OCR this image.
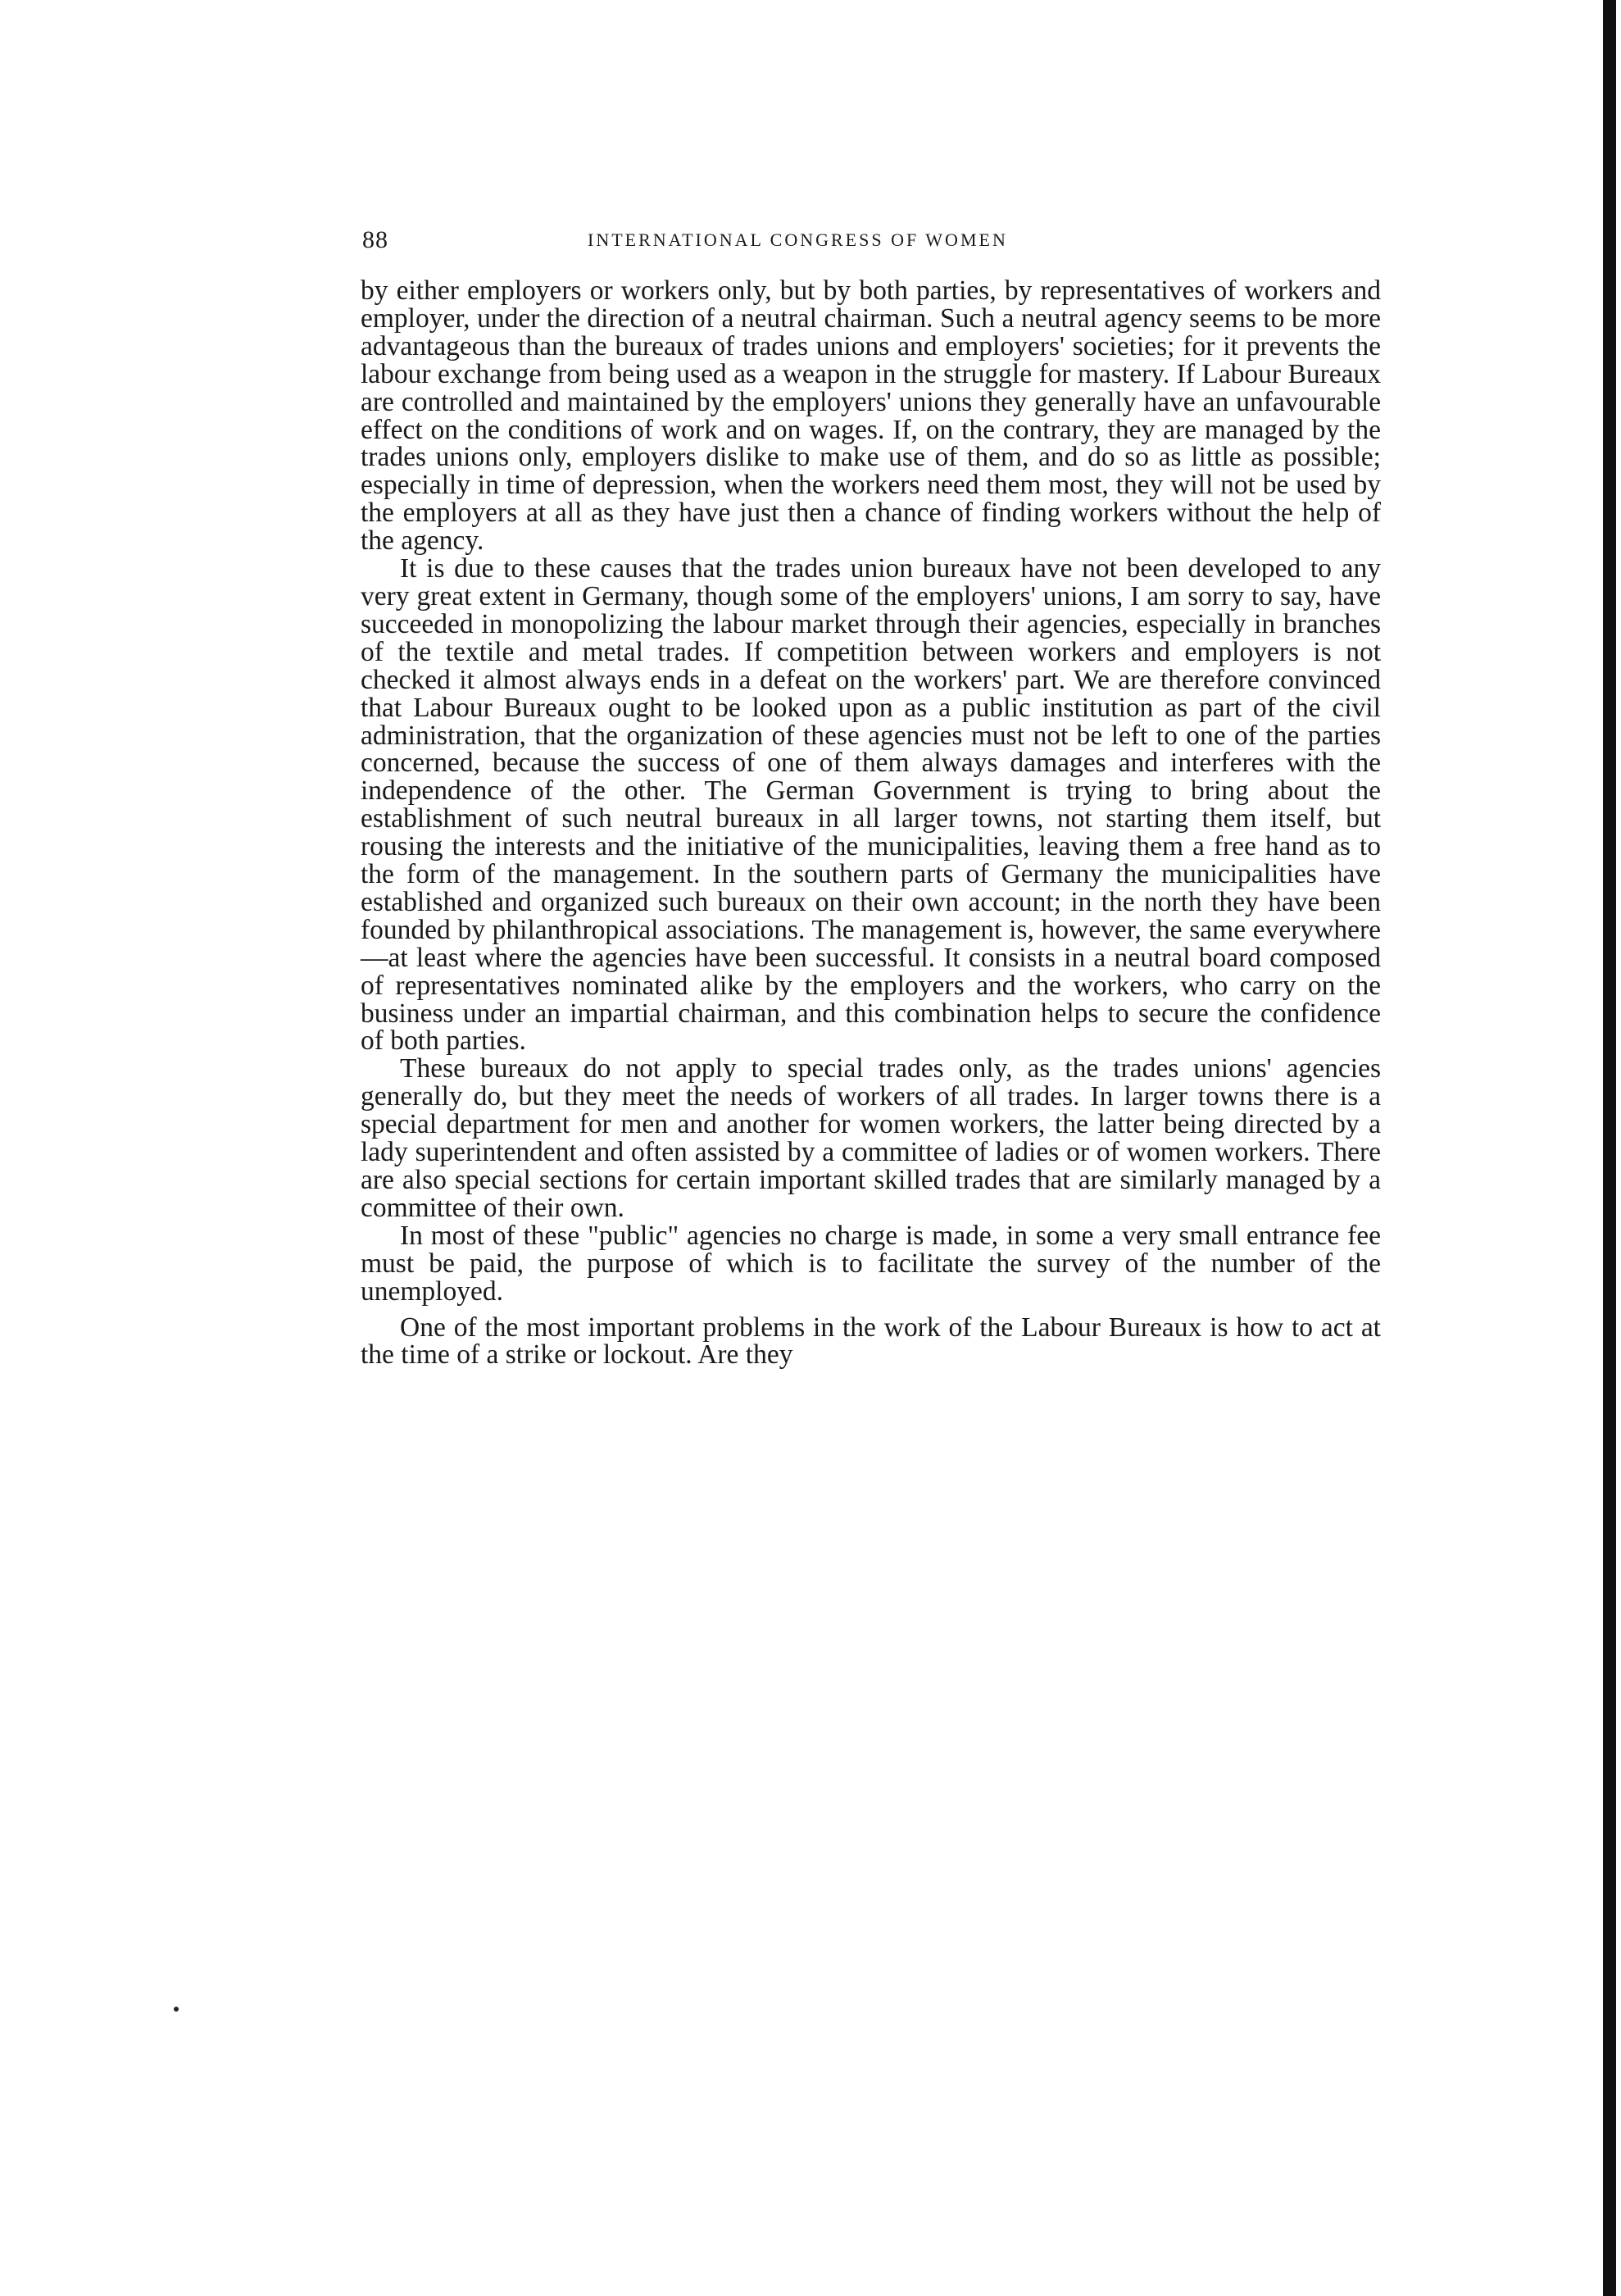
88	INTERNATIONAL CONGRESS OF WOMEN

by either employers or workers only, but by both parties, by representatives of workers and employer, under the direction of a neutral chairman. Such a neutral agency seems to be more advantageous than the bureaux of trades unions and employers' societies; for it prevents the labour exchange from being used as a weapon in the struggle for mastery. If Labour Bureaux are controlled and maintained by the employers' unions they generally have an unfavourable effect on the conditions of work and on wages. If, on the contrary, they are managed by the trades unions only, employers dislike to make use of them, and do so as little as possible; especially in time of depression, when the workers need them most, they will not be used by the employers at all as they have just then a chance of finding workers without the help of the agency.

It is due to these causes that the trades union bureaux have not been developed to any very great extent in Germany, though some of the employers' unions, I am sorry to say, have succeeded in monopolizing the labour market through their agencies, especially in branches of the textile and metal trades. If competition between workers and employers is not checked it almost always ends in a defeat on the workers' part. We are therefore convinced that Labour Bureaux ought to be looked upon as a public institution as part of the civil administration, that the organization of these agencies must not be left to one of the parties concerned, because the success of one of them always damages and interferes with the independence of the other. The German Government is trying to bring about the establishment of such neutral bureaux in all larger towns, not starting them itself, but rousing the interests and the initiative of the municipalities, leaving them a free hand as to the form of the management. In the southern parts of Germany the municipalities have established and organized such bureaux on their own account; in the north they have been founded by philanthropical associations. The management is, however, the same everywhere—at least where the agencies have been successful. It consists in a neutral board composed of representatives nominated alike by the employers and the workers, who carry on the business under an impartial chairman, and this combination helps to secure the confidence of both parties.

These bureaux do not apply to special trades only, as the trades unions' agencies generally do, but they meet the needs of workers of all trades. In larger towns there is a special department for men and another for women workers, the latter being directed by a lady superintendent and often assisted by a committee of ladies or of women workers. There are also special sections for certain important skilled trades that are similarly managed by a committee of their own.

In most of these "public" agencies no charge is made, in some a very small entrance fee must be paid, the purpose of which is to facilitate the survey of the number of the unemployed.

One of the most important problems in the work of the Labour Bureaux is how to act at the time of a strike or lockout. Are they
